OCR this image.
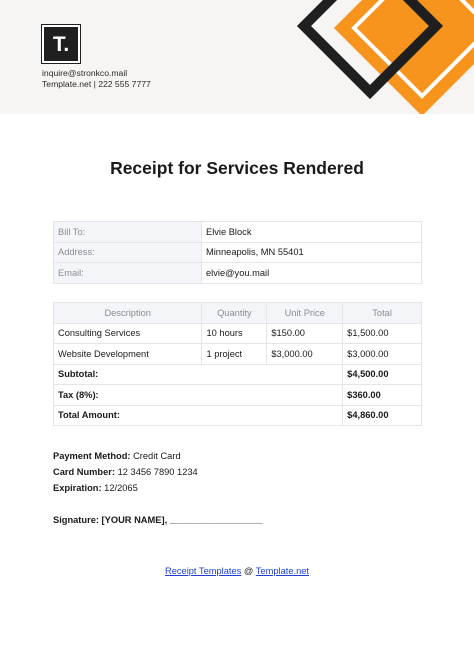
T.
inquire@stronkco.mail
Template.net | 222 555 7777
Receipt for Services Rendered
Bill To:	Elvie Block
Address:	Minneapolis, MN 55401
Email:	elvie@you.mail
Description	Quantity	Unit Price	Total
Consulting Services	10 hours	$150.00	$1,500.00
Website Development	1 project	$3,000.00	$3,000.00
Subtotal:			$4,500.00
Tax (8%):			$360.00
Total Amount:			$4,860.00
Payment Method: Credit Card
Card Number: 12 3456 7890 1234
Expiration: 12/2065
Signature: [YOUR NAME], __________________
Receipt Templates @ Template.net
